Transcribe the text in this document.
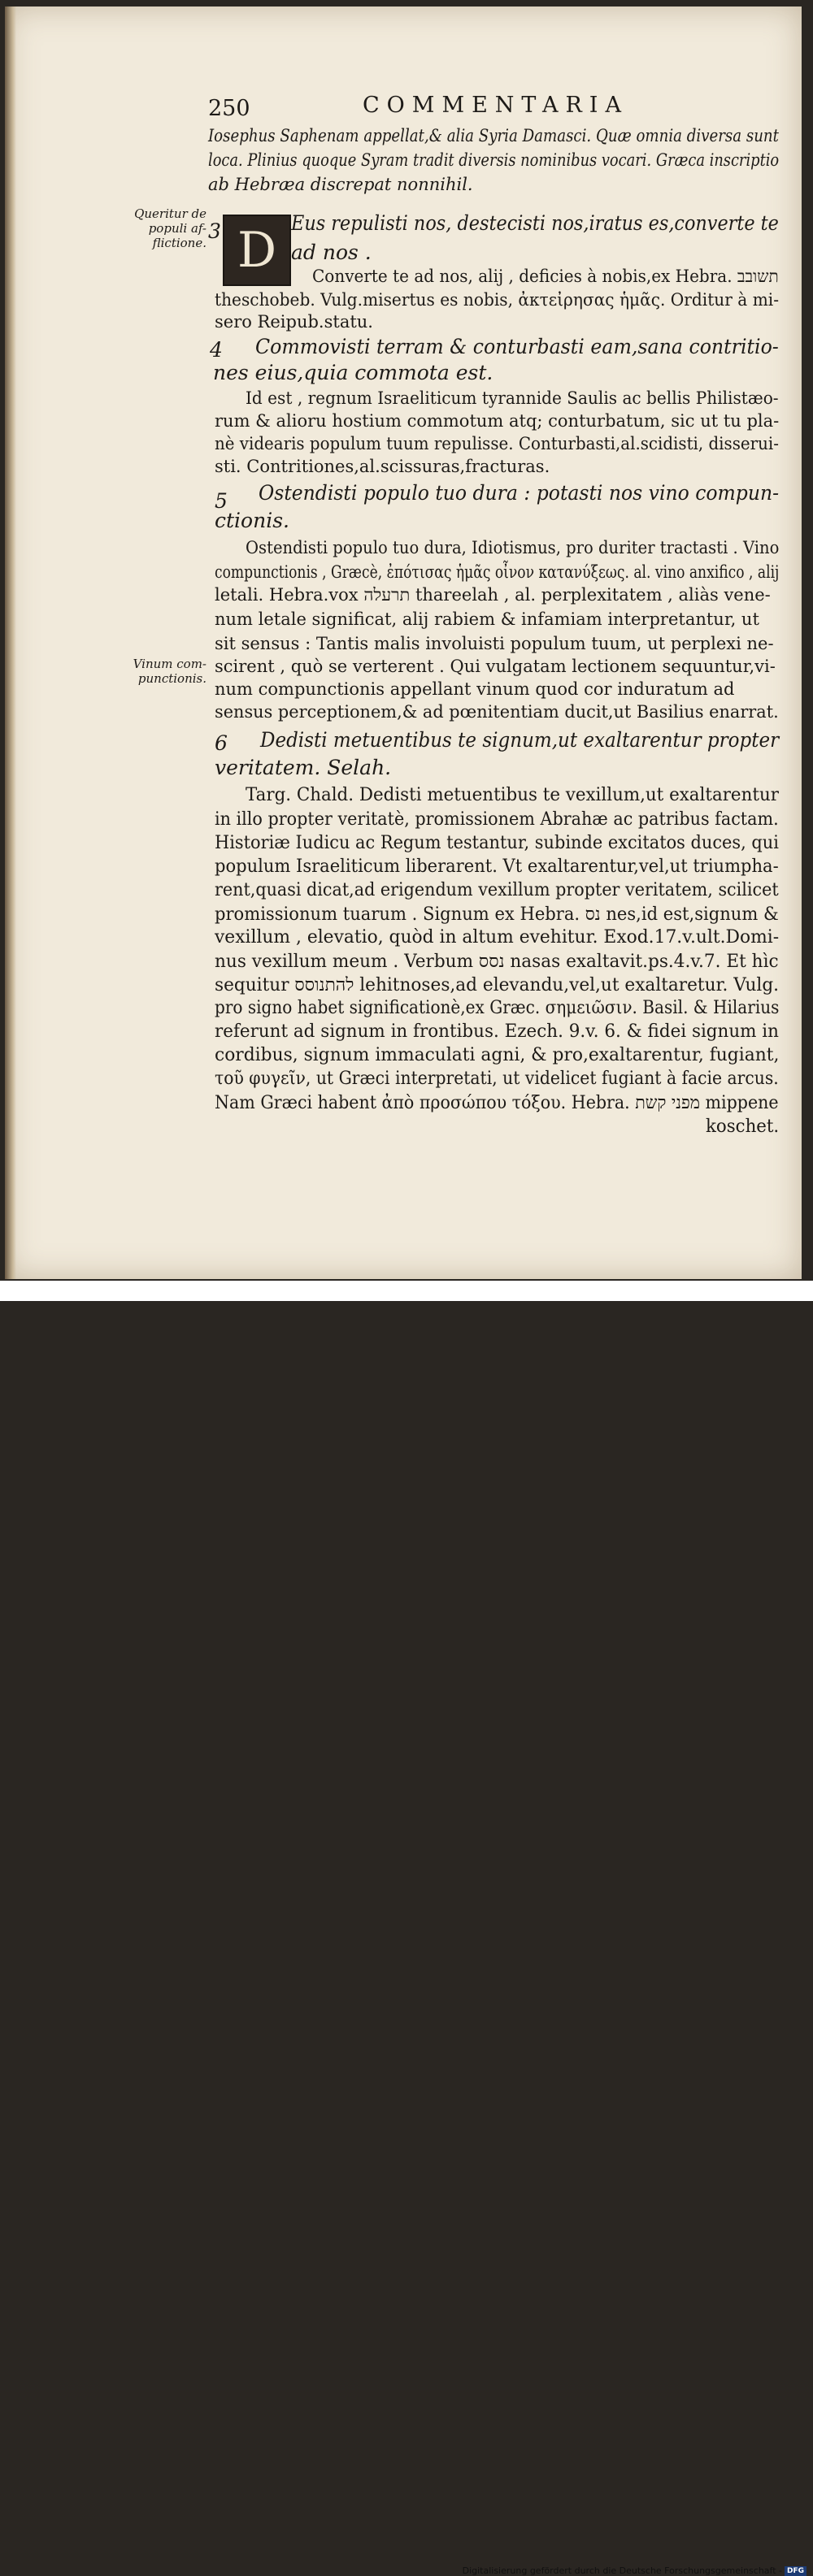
250	COMMENTARIA
Queritur de populi af- flictione.
Vinum com- punctionis.
D
Iosephus Saphenam appellat,& alia Syria Damasci. Quæ omnia diversa sunt
loca. Plinius quoque Syram tradit diversis nominibus vocari. Græca inscriptio
ab Hebræa discrepat nonnihil.
3	Eus repulisti nos, destecisti nos,iratus es,converte te
ad nos .
Converte te ad nos, alij , deficies à nobis,ex Hebra. תשובב
theschobeb. Vulg.misertus es nobis, ἀκτεἰρησας ἡμᾶς. Orditur à mi-
sero Reipub.statu.
4 Commovisti terram & conturbasti eam,sana contritio-
nes eius,quia commota est.
Id est , regnum Israeliticum tyrannide Saulis ac bellis Philistæo-
rum & alioru hostium commotum atq; conturbatum, sic ut tu pla-
nè videaris populum tuum repulisse. Conturbasti,al.scidisti, disserui-
sti. Contritiones,al.scissuras,fracturas.
5 Ostendisti populo tuo dura : potasti nos vino compun-
ctionis.
Ostendisti populo tuo dura, Idiotismus, pro duriter tractasti . Vino
compunctionis , Græcè, ἐπότισας ἡμᾶς οἶνον κατανύξεως. al. vino anxifico , alij
letali. Hebra.vox תרעלה thareelah , al. perplexitatem , aliàs vene-
num letale significat, alij rabiem & infamiam interpretantur, ut
sit sensus : Tantis malis involuisti populum tuum, ut perplexi ne-
scirent , quò se verterent . Qui vulgatam lectionem sequuntur,vi-
num compunctionis appellant vinum quod cor induratum ad
sensus perceptionem,& ad pœnitentiam ducit,ut Basilius enarrat.
6 Dedisti metuentibus te signum,ut exaltarentur propter
veritatem. Selah.
Targ. Chald. Dedisti metuentibus te vexillum,ut exaltarentur
in illo propter veritatè, promissionem Abrahæ ac patribus factam.
Historiæ Iudicu ac Regum testantur, subinde excitatos duces, qui
populum Israeliticum liberarent. Vt exaltarentur,vel,ut triumpha-
rent,quasi dicat,ad erigendum vexillum propter veritatem, scilicet
promissionum tuarum . Signum ex Hebra. נס nes,id est,signum &
vexillum , elevatio, quòd in altum evehitur. Exod.17.v.ult.Domi-
nus vexillum meum . Verbum נסס nasas exaltavit.ps.4.v.7. Et hìc
sequitur להתנוסס lehitnoses,ad elevandu,vel,ut exaltaretur. Vulg.
pro signo habet significationè,ex Græc. σημειῶσιν. Basil. & Hilarius
referunt ad signum in frontibus. Ezech. 9.v. 6. & fidei signum in
cordibus, signum immaculati agni, & pro,exaltarentur, fugiant,
τοῦ φυγεῖν, ut Græci interpretati, ut videlicet fugiant à facie arcus.
Nam Græci habent ἀπὸ προσώπου τόξου. Hebra. מפני קשת mippene
koschet.
Digitalisierung gefördert durch die Deutsche Forschungsgemeinschaft - DFG
